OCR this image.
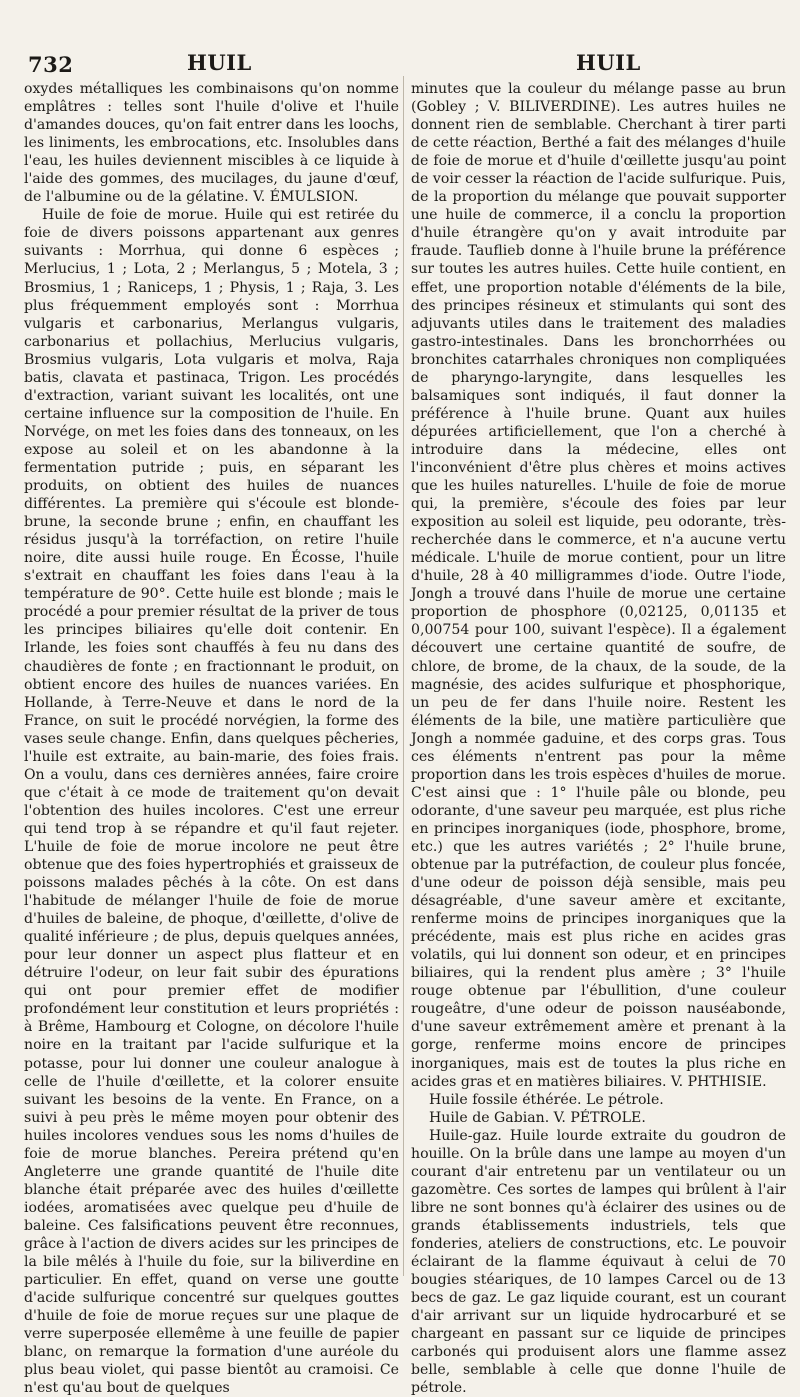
732	HUIL	HUIL

oxydes métalliques les combinaisons qu'on nomme emplâtres : telles sont l'huile d'olive et l'huile d'amandes douces, qu'on fait entrer dans les loochs, les liniments, les embrocations, etc. Insolubles dans l'eau, les huiles deviennent miscibles à ce liquide à l'aide des gommes, des mucilages, du jaune d'œuf, de l'albumine ou de la gélatine. V. ÉMULSION.

Huile de foie de morue. Huile qui est retirée du foie de divers poissons appartenant aux genres suivants : Morrhua, qui donne 6 espèces ; Merlucius, 1 ; Lota, 2 ; Merlangus, 5 ; Motela, 3 ; Brosmius, 1 ; Raniceps, 1 ; Physis, 1 ; Raja, 3. Les plus fréquemment employés sont : Morrhua vulgaris et carbonarius, Merlangus vulgaris, carbonarius et pollachius, Merlucius vulgaris, Brosmius vulgaris, Lota vulgaris et molva, Raja batis, clavata et pastinaca, Trigon. Les procédés d'extraction, variant suivant les localités, ont une certaine influence sur la composition de l'huile. En Norvége, on met les foies dans des tonneaux, on les expose au soleil et on les abandonne à la fermentation putride ; puis, en séparant les produits, on obtient des huiles de nuances différentes. La première qui s'écoule est blonde-brune, la seconde brune ; enfin, en chauffant les résidus jusqu'à la torréfaction, on retire l'huile noire, dite aussi huile rouge. En Écosse, l'huile s'extrait en chauffant les foies dans l'eau à la température de 90°. Cette huile est blonde ; mais le procédé a pour premier résultat de la priver de tous les principes biliaires qu'elle doit contenir. En Irlande, les foies sont chauffés à feu nu dans des chaudières de fonte ; en fractionnant le produit, on obtient encore des huiles de nuances variées. En Hollande, à Terre-Neuve et dans le nord de la France, on suit le procédé norvégien, la forme des vases seule change. Enfin, dans quelques pêcheries, l'huile est extraite, au bain-marie, des foies frais. On a voulu, dans ces dernières années, faire croire que c'était à ce mode de traitement qu'on devait l'obtention des huiles incolores. C'est une erreur qui tend trop à se répandre et qu'il faut rejeter. L'huile de foie de morue incolore ne peut être obtenue que des foies hypertrophiés et graisseux de poissons malades pêchés à la côte. On est dans l'habitude de mélanger l'huile de foie de morue d'huiles de baleine, de phoque, d'œillette, d'olive de qualité inférieure ; de plus, depuis quelques années, pour leur donner un aspect plus flatteur et en détruire l'odeur, on leur fait subir des épurations qui ont pour premier effet de modifier profondément leur constitution et leurs propriétés : à Brême, Hambourg et Cologne, on décolore l'huile noire en la traitant par l'acide sulfurique et la potasse, pour lui donner une couleur analogue à celle de l'huile d'œillette, et la colorer ensuite suivant les besoins de la vente. En France, on a suivi à peu près le même moyen pour obtenir des huiles incolores vendues sous les noms d'huiles de foie de morue blanches. Pereira prétend qu'en Angleterre une grande quantité de l'huile dite blanche était préparée avec des huiles d'œillette iodées, aromatisées avec quelque peu d'huile de baleine. Ces falsifications peuvent être reconnues, grâce à l'action de divers acides sur les principes de la bile mêlés à l'huile du foie, sur la biliverdine en particulier. En effet, quand on verse une goutte d'acide sulfurique concentré sur quelques gouttes d'huile de foie de morue reçues sur une plaque de verre superposée ellemême à une feuille de papier blanc, on remarque la formation d'une auréole du plus beau violet, qui passe bientôt au cramoisi. Ce n'est qu'au bout de quelques

minutes que la couleur du mélange passe au brun (Gobley ; V. BILIVERDINE). Les autres huiles ne donnent rien de semblable. Cherchant à tirer parti de cette réaction, Berthé a fait des mélanges d'huile de foie de morue et d'huile d'œillette jusqu'au point de voir cesser la réaction de l'acide sulfurique. Puis, de la proportion du mélange que pouvait supporter une huile de commerce, il a conclu la proportion d'huile étrangère qu'on y avait introduite par fraude. Tauflieb donne à l'huile brune la préférence sur toutes les autres huiles. Cette huile contient, en effet, une proportion notable d'éléments de la bile, des principes résineux et stimulants qui sont des adjuvants utiles dans le traitement des maladies gastro-intestinales. Dans les bronchorrhées ou bronchites catarrhales chroniques non compliquées de pharyngo-laryngite, dans lesquelles les balsamiques sont indiqués, il faut donner la préférence à l'huile brune. Quant aux huiles dépurées artificiellement, que l'on a cherché à introduire dans la médecine, elles ont l'inconvénient d'être plus chères et moins actives que les huiles naturelles. L'huile de foie de morue qui, la première, s'écoule des foies par leur exposition au soleil est liquide, peu odorante, très-recherchée dans le commerce, et n'a aucune vertu médicale. L'huile de morue contient, pour un litre d'huile, 28 à 40 milligrammes d'iode. Outre l'iode, Jongh a trouvé dans l'huile de morue une certaine proportion de phosphore (0,02125, 0,01135 et 0,00754 pour 100, suivant l'espèce). Il a également découvert une certaine quantité de soufre, de chlore, de brome, de la chaux, de la soude, de la magnésie, des acides sulfurique et phosphorique, un peu de fer dans l'huile noire. Restent les éléments de la bile, une matière particulière que Jongh a nommée gaduine, et des corps gras. Tous ces éléments n'entrent pas pour la même proportion dans les trois espèces d'huiles de morue. C'est ainsi que : 1° l'huile pâle ou blonde, peu odorante, d'une saveur peu marquée, est plus riche en principes inorganiques (iode, phosphore, brome, etc.) que les autres variétés ; 2° l'huile brune, obtenue par la putréfaction, de couleur plus foncée, d'une odeur de poisson déjà sensible, mais peu désagréable, d'une saveur amère et excitante, renferme moins de principes inorganiques que la précédente, mais est plus riche en acides gras volatils, qui lui donnent son odeur, et en principes biliaires, qui la rendent plus amère ; 3° l'huile rouge obtenue par l'ébullition, d'une couleur rougeâtre, d'une odeur de poisson nauséabonde, d'une saveur extrêmement amère et prenant à la gorge, renferme moins encore de principes inorganiques, mais est de toutes la plus riche en acides gras et en matières biliaires. V. PHTHISIE.

Huile fossile éthérée. Le pétrole.

Huile de Gabian. V. PÉTROLE.

Huile-gaz. Huile lourde extraite du goudron de houille. On la brûle dans une lampe au moyen d'un courant d'air entretenu par un ventilateur ou un gazomètre. Ces sortes de lampes qui brûlent à l'air libre ne sont bonnes qu'à éclairer des usines ou de grands établissements industriels, tels que fonderies, ateliers de constructions, etc. Le pouvoir éclairant de la flamme équivaut à celui de 70 bougies stéariques, de 10 lampes Carcel ou de 13 becs de gaz. Le gaz liquide courant, est un courant d'air arrivant sur un liquide hydrocarburé et se chargeant en passant sur ce liquide de principes carbonés qui produisent alors une flamme assez belle, semblable à celle que donne l'huile de pétrole.
